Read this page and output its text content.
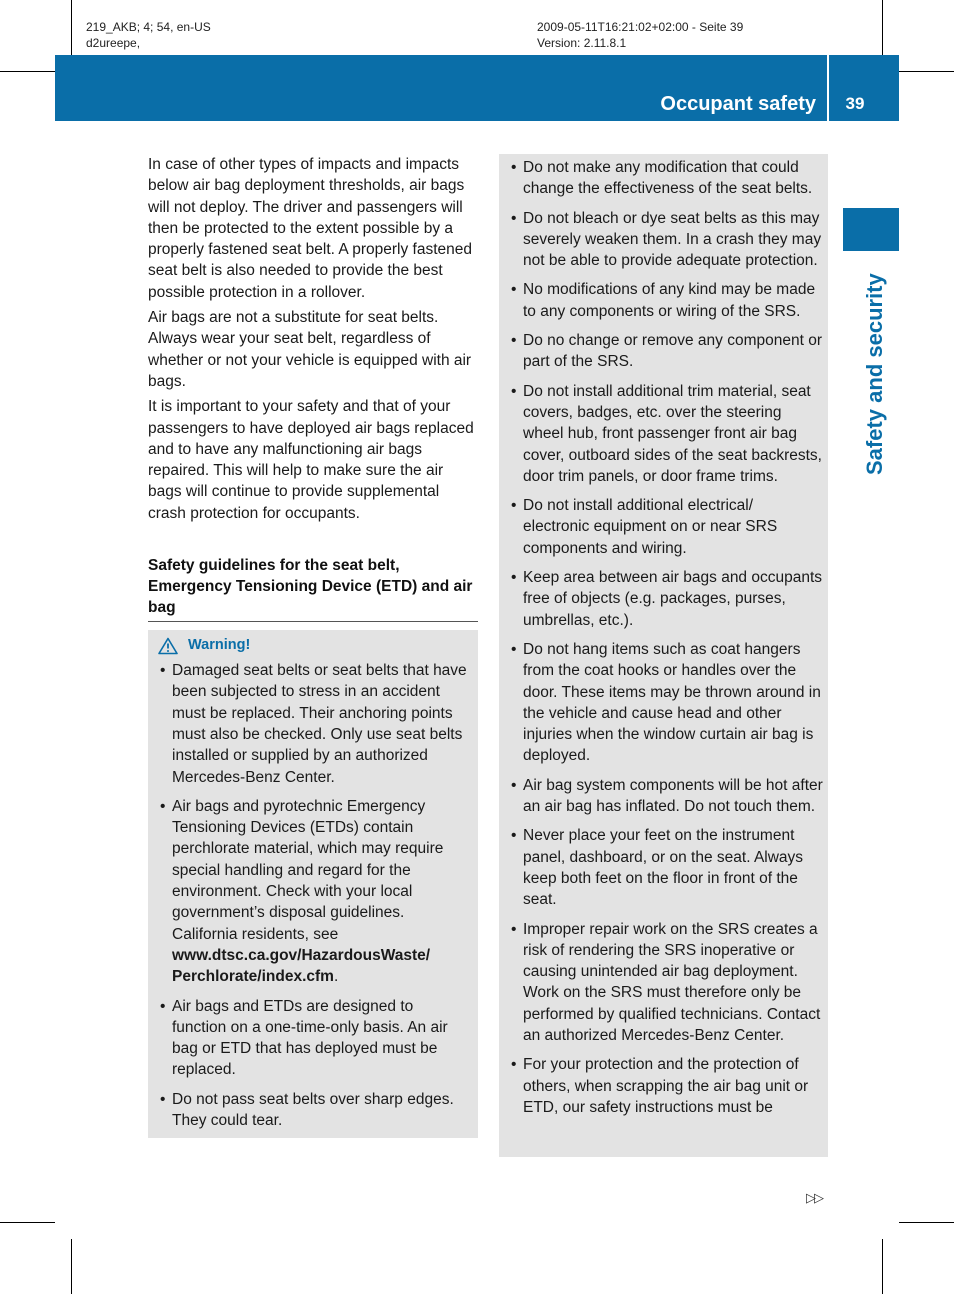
219_AKB; 4; 54, en-US
d2ureepe,
2009-05-11T16:21:02+02:00 - Seite 39
Version: 2.11.8.1
Occupant safety	39
Safety and security

In case of other types of impacts and impacts below air bag deployment thresholds, air bags will not deploy. The driver and passengers will then be protected to the extent possible by a properly fastened seat belt. A properly fastened seat belt is also needed to provide the best possible protection in a rollover.

Air bags are not a substitute for seat belts. Always wear your seat belt, regardless of whether or not your vehicle is equipped with air bags.

It is important to your safety and that of your passengers to have deployed air bags replaced and to have any malfunctioning air bags repaired. This will help to make sure the air bags will continue to provide supplemental crash protection for occupants.

Safety guidelines for the seat belt, Emergency Tensioning Device (ETD) and air bag
Warning!
• Damaged seat belts or seat belts that have been subjected to stress in an accident must be replaced. Their anchoring points must also be checked. Only use seat belts installed or supplied by an authorized Mercedes-Benz Center.
• Air bags and pyrotechnic Emergency Tensioning Devices (ETDs) contain perchlorate material, which may require special handling and regard for the environment. Check with your local government’s disposal guidelines. California residents, see www.dtsc.ca.gov/HazardousWaste/ Perchlorate/index.cfm.
• Air bags and ETDs are designed to function on a one-time-only basis. An air bag or ETD that has deployed must be replaced.
• Do not pass seat belts over sharp edges. They could tear.
• Do not make any modification that could change the effectiveness of the seat belts.
• Do not bleach or dye seat belts as this may severely weaken them. In a crash they may not be able to provide adequate protection.
• No modifications of any kind may be made to any components or wiring of the SRS.
• Do no change or remove any component or part of the SRS.
• Do not install additional trim material, seat covers, badges, etc. over the steering wheel hub, front passenger front air bag cover, outboard sides of the seat backrests, door trim panels, or door frame trims.
• Do not install additional electrical/ electronic equipment on or near SRS components and wiring.
• Keep area between air bags and occupants free of objects (e.g. packages, purses, umbrellas, etc.).
• Do not hang items such as coat hangers from the coat hooks or handles over the door. These items may be thrown around in the vehicle and cause head and other injuries when the window curtain air bag is deployed.
• Air bag system components will be hot after an air bag has inflated. Do not touch them.
• Never place your feet on the instrument panel, dashboard, or on the seat. Always keep both feet on the floor in front of the seat.
• Improper repair work on the SRS creates a risk of rendering the SRS inoperative or causing unintended air bag deployment. Work on the SRS must therefore only be performed by qualified technicians. Contact an authorized Mercedes-Benz Center.
• For your protection and the protection of others, when scrapping the air bag unit or ETD, our safety instructions must be
▷▷
